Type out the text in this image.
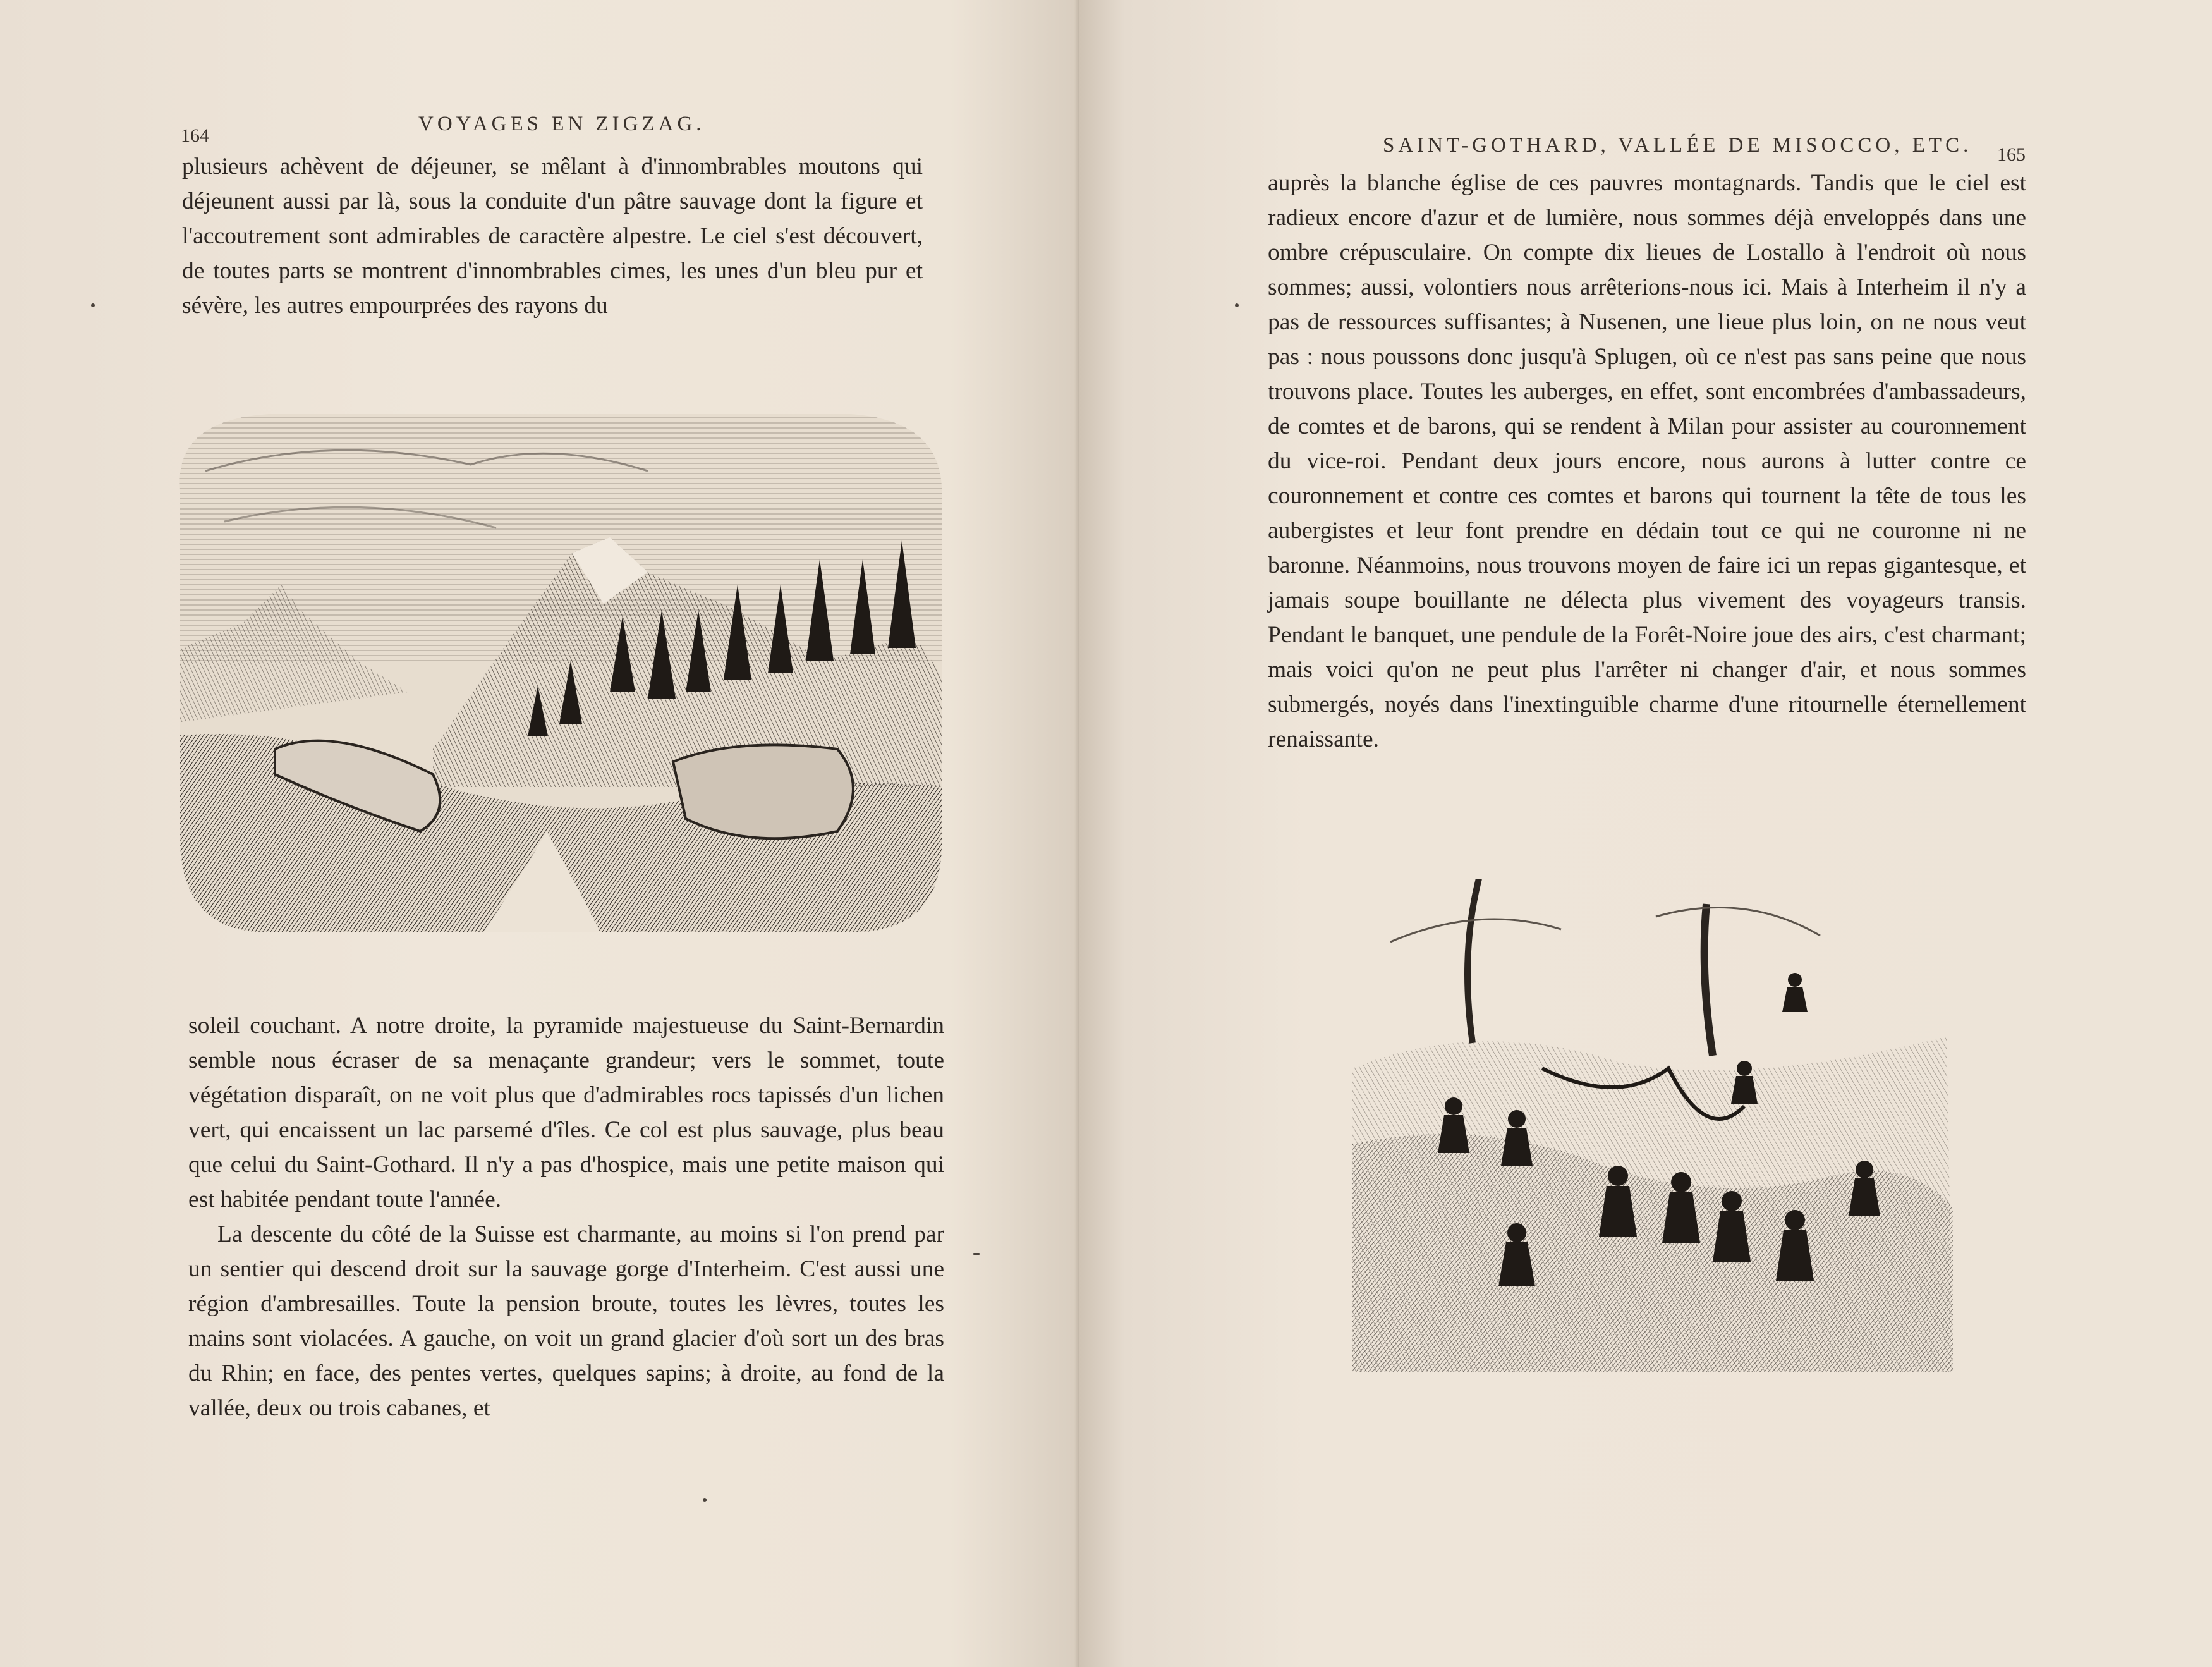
164
VOYAGES EN ZIGZAG.

plusieurs achèvent de déjeuner, se mêlant à d'innombrables moutons qui déjeunent aussi par là, sous la conduite d'un pâtre sauvage dont la figure et l'accoutrement sont admirables de caractère alpestre. Le ciel s'est découvert, de toutes parts se montrent d'innombrables cimes, les unes d'un bleu pur et sévère, les autres empourprées des rayons du

soleil couchant. A notre droite, la pyramide majestueuse du Saint-Bernardin semble nous écraser de sa menaçante grandeur; vers le sommet, toute végétation disparaît, on ne voit plus que d'admirables rocs tapissés d'un lichen vert, qui encaissent un lac parsemé d'îles. Ce col est plus sauvage, plus beau que celui du Saint-Gothard. Il n'y a pas d'hospice, mais une petite maison qui est habitée pendant toute l'année.

La descente du côté de la Suisse est charmante, au moins si l'on prend par un sentier qui descend droit sur la sauvage gorge d'Interheim. C'est aussi une région d'ambresailles. Toute la pension broute, toutes les lèvres, toutes les mains sont violacées. A gauche, on voit un grand glacier d'où sort un des bras du Rhin; en face, des pentes vertes, quelques sapins; à droite, au fond de la vallée, deux ou trois cabanes, et

SAINT-GOTHARD, VALLÉE DE MISOCCO, ETC. 165

auprès la blanche église de ces pauvres montagnards. Tandis que le ciel est radieux encore d'azur et de lumière, nous sommes déjà enveloppés dans une ombre crépusculaire. On compte dix lieues de Lostallo à l'endroit où nous sommes; aussi, volontiers nous arrêterions-nous ici. Mais à Interheim il n'y a pas de ressources suffisantes; à Nusenen, une lieue plus loin, on ne nous veut pas : nous poussons donc jusqu'à Splugen, où ce n'est pas sans peine que nous trouvons place. Toutes les auberges, en effet, sont encombrées d'ambassadeurs, de comtes et de barons, qui se rendent à Milan pour assister au couronnement du vice-roi. Pendant deux jours encore, nous aurons à lutter contre ce couronnement et contre ces comtes et barons qui tournent la tête de tous les aubergistes et leur font prendre en dédain tout ce qui ne couronne ni ne baronne. Néanmoins, nous trouvons moyen de faire ici un repas gigantesque, et jamais soupe bouillante ne délecta plus vivement des voyageurs transis. Pendant le banquet, une pendule de la Forêt-Noire joue des airs, c'est charmant; mais voici qu'on ne peut plus l'arrêter ni changer d'air, et nous sommes submergés, noyés dans l'inextinguible charme d'une ritournelle éternellement renaissante.
